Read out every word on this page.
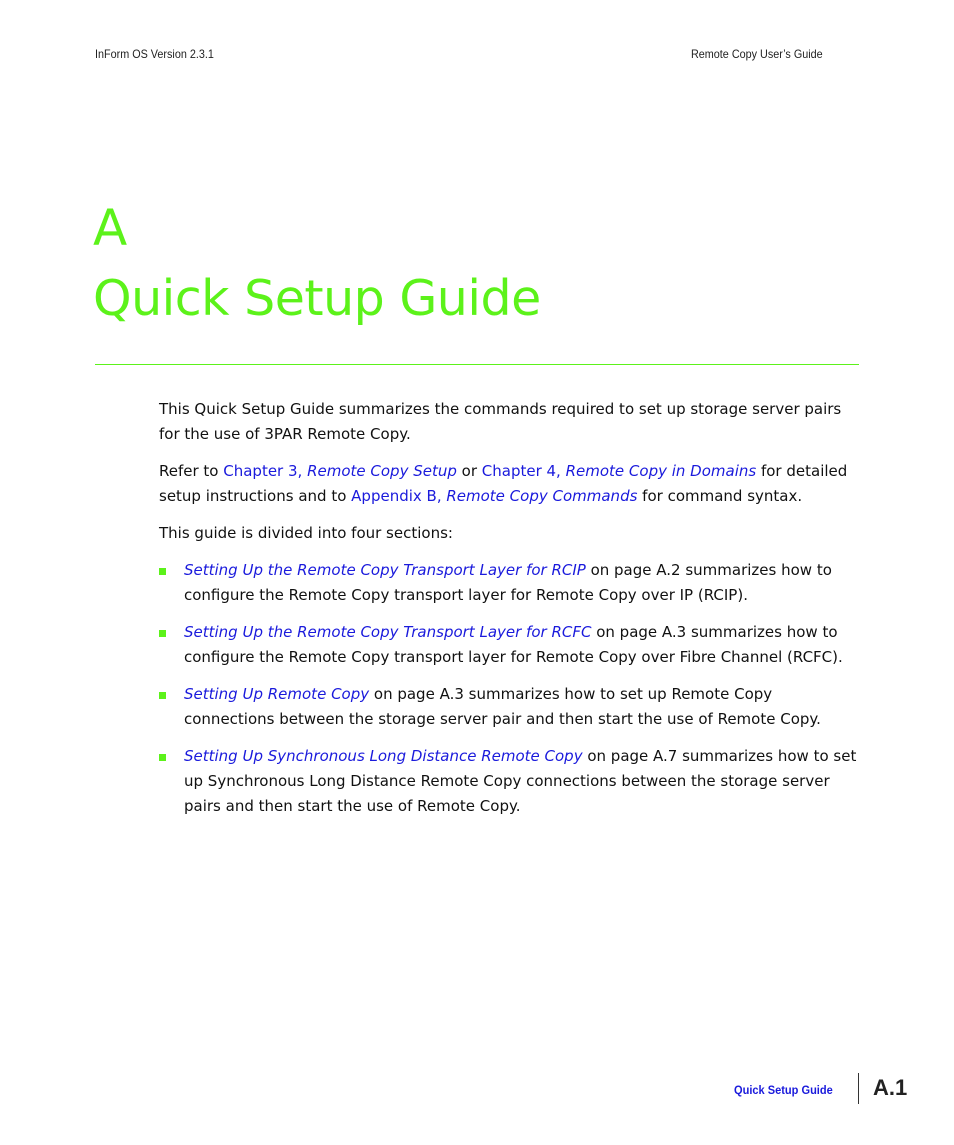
InForm OS Version 2.3.1	Remote Copy User’s Guide
A
Quick Setup Guide

This Quick Setup Guide summarizes the commands required to set up storage server pairs for the use of 3PAR Remote Copy.

Refer to Chapter 3, Remote Copy Setup or Chapter 4, Remote Copy in Domains for detailed setup instructions and to Appendix B, Remote Copy Commands for command syntax.

This guide is divided into four sections:

Setting Up the Remote Copy Transport Layer for RCIP on page A.2 summarizes how to configure the Remote Copy transport layer for Remote Copy over IP (RCIP).
Setting Up the Remote Copy Transport Layer for RCFC on page A.3 summarizes how to configure the Remote Copy transport layer for Remote Copy over Fibre Channel (RCFC).
Setting Up Remote Copy on page A.3 summarizes how to set up Remote Copy connections between the storage server pair and then start the use of Remote Copy.
Setting Up Synchronous Long Distance Remote Copy on page A.7 summarizes how to set up Synchronous Long Distance Remote Copy connections between the storage server pairs and then start the use of Remote Copy.
Quick Setup Guide A.1
